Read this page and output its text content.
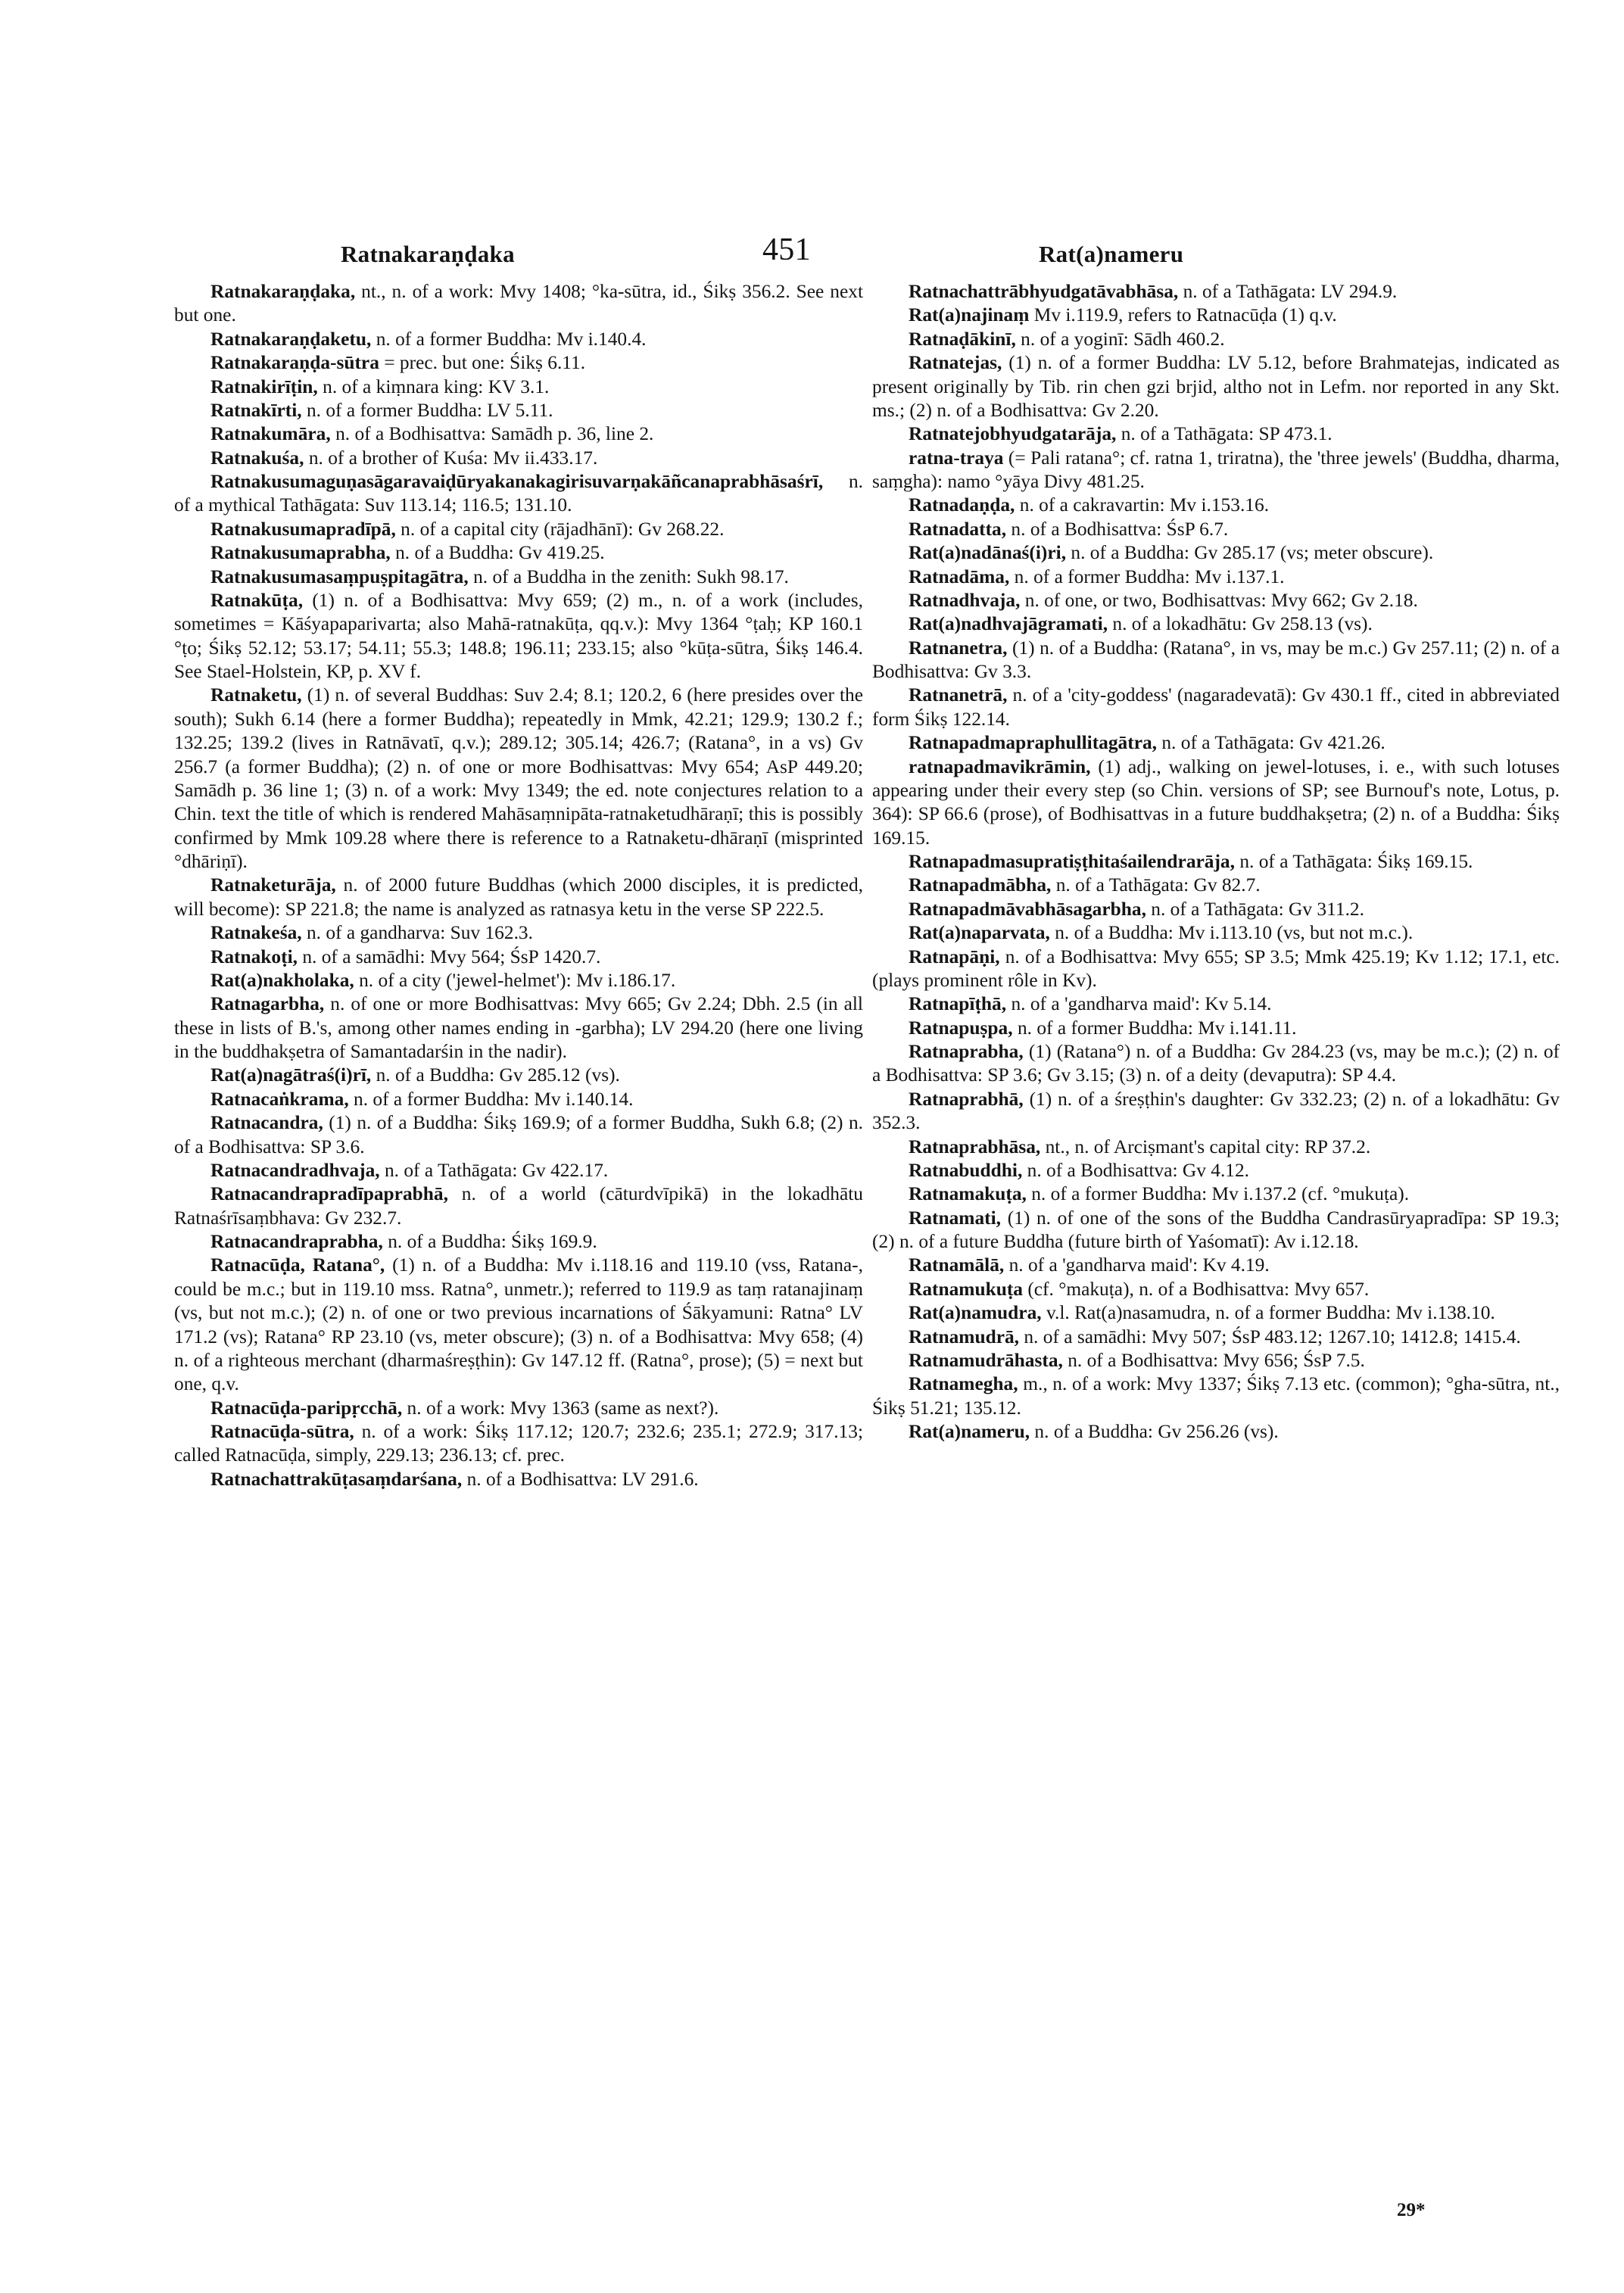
Ratnakaraṇḍaka	451	Rat(a)nameru

Ratnakaraṇḍaka, nt., n. of a work: Mvy 1408; °ka-sūtra, id., Śikṣ 356.2. See next but one.

Ratnakaraṇḍaketu, n. of a former Buddha: Mv i.140.4.

Ratnakaraṇḍa-sūtra = prec. but one: Śikṣ 6.11.

Ratnakirīṭin, n. of a kiṃnara king: KV 3.1.

Ratnakīrti, n. of a former Buddha: LV 5.11.

Ratnakumāra, n. of a Bodhisattva: Samādh p. 36, line 2.

Ratnakuśa, n. of a brother of Kuśa: Mv ii.433.17.

Ratnakusumaguṇasāgaravaiḍūryakanakagirisuvarṇakāñcanaprabhāsaśrī, n. of a mythical Tathāgata: Suv 113.14; 116.5; 131.10.

Ratnakusumapradīpā, n. of a capital city (rājadhānī): Gv 268.22.

Ratnakusumaprabha, n. of a Buddha: Gv 419.25.

Ratnakusumasaṃpuṣpitagātra, n. of a Buddha in the zenith: Sukh 98.17.

Ratnakūṭa, (1) n. of a Bodhisattva: Mvy 659; (2) m., n. of a work (includes, sometimes = Kāśyapaparivarta; also Mahā-ratnakūṭa, qq.v.): Mvy 1364 °ṭaḥ; KP 160.1 °ṭo; Śikṣ 52.12; 53.17; 54.11; 55.3; 148.8; 196.11; 233.15; also °kūṭa-sūtra, Śikṣ 146.4. See Stael-Holstein, KP, p. XV f.

Ratnaketu, (1) n. of several Buddhas: Suv 2.4; 8.1; 120.2, 6 (here presides over the south); Sukh 6.14 (here a former Buddha); repeatedly in Mmk, 42.21; 129.9; 130.2 f.; 132.25; 139.2 (lives in Ratnāvatī, q.v.); 289.12; 305.14; 426.7; (Ratana°, in a vs) Gv 256.7 (a former Buddha); (2) n. of one or more Bodhisattvas: Mvy 654; AsP 449.20; Samādh p. 36 line 1; (3) n. of a work: Mvy 1349; the ed. note conjectures relation to a Chin. text the title of which is rendered Mahāsaṃnipāta-ratnaketudhāraṇī; this is possibly confirmed by Mmk 109.28 where there is reference to a Ratnaketu-dhāraṇī (misprinted °dhāriṇī).

Ratnaketurāja, n. of 2000 future Buddhas (which 2000 disciples, it is predicted, will become): SP 221.8; the name is analyzed as ratnasya ketu in the verse SP 222.5.

Ratnakeśa, n. of a gandharva: Suv 162.3.

Ratnakoṭi, n. of a samādhi: Mvy 564; ŚsP 1420.7.

Rat(a)nakholaka, n. of a city ('jewel-helmet'): Mv i.186.17.

Ratnagarbha, n. of one or more Bodhisattvas: Mvy 665; Gv 2.24; Dbh. 2.5 (in all these in lists of B.'s, among other names ending in -garbha); LV 294.20 (here one living in the buddhakṣetra of Samantadarśin in the nadir).

Rat(a)nagātraś(i)rī, n. of a Buddha: Gv 285.12 (vs).

Ratnacaṅkrama, n. of a former Buddha: Mv i.140.14.

Ratnacandra, (1) n. of a Buddha: Śikṣ 169.9; of a former Buddha, Sukh 6.8; (2) n. of a Bodhisattva: SP 3.6.

Ratnacandradhvaja, n. of a Tathāgata: Gv 422.17.

Ratnacandrapradīpaprabhā, n. of a world (cāturdvīpikā) in the lokadhātu Ratnaśrīsaṃbhava: Gv 232.7.

Ratnacandraprabha, n. of a Buddha: Śikṣ 169.9.

Ratnacūḍa, Ratana°, (1) n. of a Buddha: Mv i.118.16 and 119.10 (vss, Ratana-, could be m.c.; but in 119.10 mss. Ratna°, unmetr.); referred to 119.9 as taṃ ratanajinaṃ (vs, but not m.c.); (2) n. of one or two previous incarnations of Śākyamuni: Ratna° LV 171.2 (vs); Ratana° RP 23.10 (vs, meter obscure); (3) n. of a Bodhisattva: Mvy 658; (4) n. of a righteous merchant (dharmaśreṣṭhin): Gv 147.12 ff. (Ratna°, prose); (5) = next but one, q.v.

Ratnacūḍa-paripṛcchā, n. of a work: Mvy 1363 (same as next?).

Ratnacūḍa-sūtra, n. of a work: Śikṣ 117.12; 120.7; 232.6; 235.1; 272.9; 317.13; called Ratnacūḍa, simply, 229.13; 236.13; cf. prec.

Ratnachattrakūṭasaṃdarśana, n. of a Bodhisattva: LV 291.6.

Ratnachattrābhyudgatāvabhāsa, n. of a Tathāgata: LV 294.9.

Rat(a)najinaṃ Mv i.119.9, refers to Ratnacūḍa (1) q.v.

Ratnaḍākinī, n. of a yoginī: Sādh 460.2.

Ratnatejas, (1) n. of a former Buddha: LV 5.12, before Brahmatejas, indicated as present originally by Tib. rin chen gzi brjid, altho not in Lefm. nor reported in any Skt. ms.; (2) n. of a Bodhisattva: Gv 2.20.

Ratnatejobhyudgatarāja, n. of a Tathāgata: SP 473.1.

ratna-traya (= Pali ratana°; cf. ratna 1, triratna), the 'three jewels' (Buddha, dharma, saṃgha): namo °yāya Divy 481.25.

Ratnadaṇḍa, n. of a cakravartin: Mv i.153.16.

Ratnadatta, n. of a Bodhisattva: ŚsP 6.7.

Rat(a)nadānaś(i)ri, n. of a Buddha: Gv 285.17 (vs; meter obscure).

Ratnadāma, n. of a former Buddha: Mv i.137.1.

Ratnadhvaja, n. of one, or two, Bodhisattvas: Mvy 662; Gv 2.18.

Rat(a)nadhvajāgramati, n. of a lokadhātu: Gv 258.13 (vs).

Ratnanetra, (1) n. of a Buddha: (Ratana°, in vs, may be m.c.) Gv 257.11; (2) n. of a Bodhisattva: Gv 3.3.

Ratnanetrā, n. of a 'city-goddess' (nagaradevatā): Gv 430.1 ff., cited in abbreviated form Śikṣ 122.14.

Ratnapadmapraphullitagātra, n. of a Tathāgata: Gv 421.26.

ratnapadmavikrāmin, (1) adj., walking on jewel-lotuses, i. e., with such lotuses appearing under their every step (so Chin. versions of SP; see Burnouf's note, Lotus, p. 364): SP 66.6 (prose), of Bodhisattvas in a future buddhakṣetra; (2) n. of a Buddha: Śikṣ 169.15.

Ratnapadmasupratiṣṭhitaśailendrarāja, n. of a Tathāgata: Śikṣ 169.15.

Ratnapadmābha, n. of a Tathāgata: Gv 82.7.

Ratnapadmāvabhāsagarbha, n. of a Tathāgata: Gv 311.2.

Rat(a)naparvata, n. of a Buddha: Mv i.113.10 (vs, but not m.c.).

Ratnapāṇi, n. of a Bodhisattva: Mvy 655; SP 3.5; Mmk 425.19; Kv 1.12; 17.1, etc. (plays prominent rôle in Kv).

Ratnapīṭhā, n. of a 'gandharva maid': Kv 5.14.

Ratnapuṣpa, n. of a former Buddha: Mv i.141.11.

Ratnaprabha, (1) (Ratana°) n. of a Buddha: Gv 284.23 (vs, may be m.c.); (2) n. of a Bodhisattva: SP 3.6; Gv 3.15; (3) n. of a deity (devaputra): SP 4.4.

Ratnaprabhā, (1) n. of a śreṣṭhin's daughter: Gv 332.23; (2) n. of a lokadhātu: Gv 352.3.

Ratnaprabhāsa, nt., n. of Arciṣmant's capital city: RP 37.2.

Ratnabuddhi, n. of a Bodhisattva: Gv 4.12.

Ratnamakuṭa, n. of a former Buddha: Mv i.137.2 (cf. °mukuṭa).

Ratnamati, (1) n. of one of the sons of the Buddha Candrasūryapradīpa: SP 19.3; (2) n. of a future Buddha (future birth of Yaśomatī): Av i.12.18.

Ratnamālā, n. of a 'gandharva maid': Kv 4.19.

Ratnamukuṭa (cf. °makuṭa), n. of a Bodhisattva: Mvy 657.

Rat(a)namudra, v.l. Rat(a)nasamudra, n. of a former Buddha: Mv i.138.10.

Ratnamudrā, n. of a samādhi: Mvy 507; ŚsP 483.12; 1267.10; 1412.8; 1415.4.

Ratnamudrāhasta, n. of a Bodhisattva: Mvy 656; ŚsP 7.5.

Ratnamegha, m., n. of a work: Mvy 1337; Śikṣ 7.13 etc. (common); °gha-sūtra, nt., Śikṣ 51.21; 135.12.

Rat(a)nameru, n. of a Buddha: Gv 256.26 (vs).

29*
